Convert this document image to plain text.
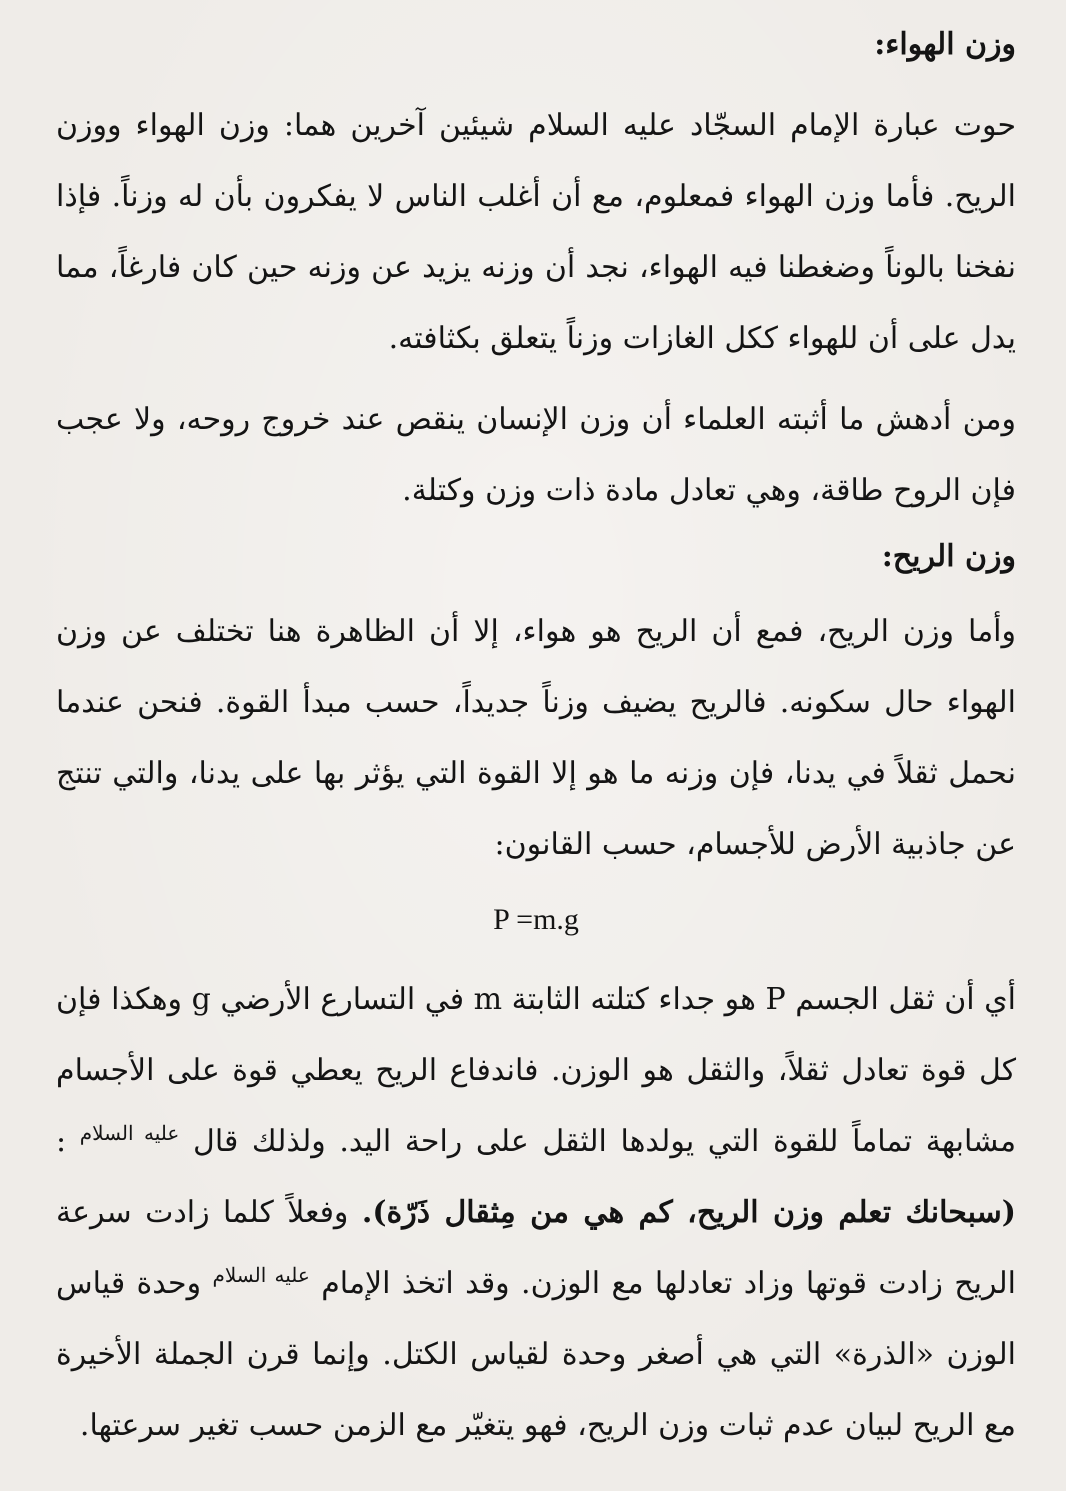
وزن الهواء:

حوت عبارة الإمام السجّاد عليه السلام شيئين آخرين هما: وزن الهواء ووزن الريح. فأما وزن الهواء فمعلوم، مع أن أغلب الناس لا يفكرون بأن له وزناً. فإذا نفخنا بالوناً وضغطنا فيه الهواء، نجد أن وزنه يزيد عن وزنه حين كان فارغاً، مما يدل على أن للهواء ككل الغازات وزناً يتعلق بكثافته.

ومن أدهش ما أثبته العلماء أن وزن الإنسان ينقص عند خروج روحه، ولا عجب فإن الروح طاقة، وهي تعادل مادة ذات وزن وكتلة.

وزن الريح:

وأما وزن الريح، فمع أن الريح هو هواء، إلا أن الظاهرة هنا تختلف عن وزن الهواء حال سكونه. فالريح يضيف وزناً جديداً، حسب مبدأ القوة. فنحن عندما نحمل ثقلاً في يدنا، فإن وزنه ما هو إلا القوة التي يؤثر بها على يدنا، والتي تنتج عن جاذبية الأرض للأجسام، حسب القانون:

P =m.g

أي أن ثقل الجسم P هو جداء كتلته الثابتة m في التسارع الأرضي g وهكذا فإن كل قوة تعادل ثقلاً، والثقل هو الوزن. فاندفاع الريح يعطي قوة على الأجسام مشابهة تماماً للقوة التي يولدها الثقل على راحة اليد. ولذلك قال $^{عليه السلام}$ : (سبحانك تعلم وزن الريح، كم هي من مِثقال ذَرّة). وفعلاً كلما زادت سرعة الريح زادت قوتها وزاد تعادلها مع الوزن. وقد اتخذ الإمام $^{عليه السلام}$ وحدة قياس الوزن «الذرة» التي هي أصغر وحدة لقياس الكتل. وإنما قرن الجملة الأخيرة مع الريح لبيان عدم ثبات وزن الريح، فهو يتغيّر مع الزمن حسب تغير سرعتها.
